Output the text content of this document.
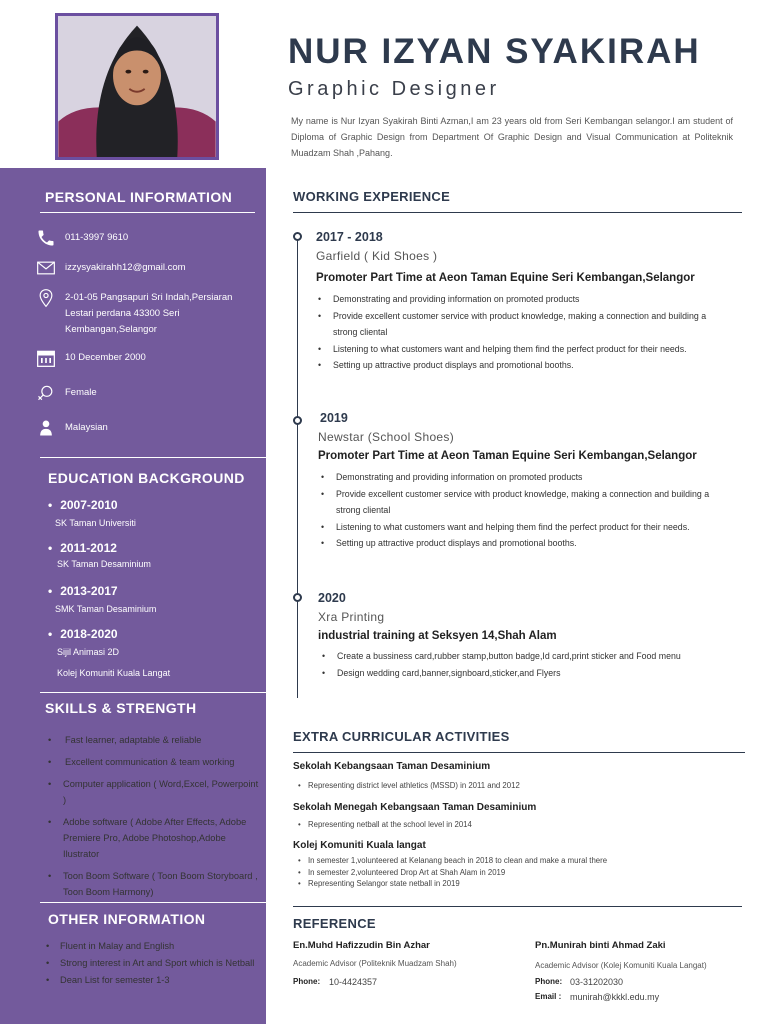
NUR IZYAN SYAKIRAH
Graphic Designer

My name is Nur Izyan Syakirah Binti Azman,I am 23 years old from Seri Kembangan selangor.I am student of Diploma of Graphic Design from Department Of Graphic Design and Visual Communication at Politeknik Muadzam Shah ,Pahang.

PERSONAL INFORMATION
011-3997 9610
izzysyakirahh12@gmail.com
2-01-05 Pangsapuri Sri Indah,Persiaran Lestari perdana 43300 Seri Kembangan,Selangor
10 December 2000
Female
Malaysian
EDUCATION BACKGROUND
• 2007-2010
SK Taman Universiti
• 2011-2012
SK Taman Desaminium
• 2013-2017
SMK Taman Desaminium
• 2018-2020
Sijil Animasi 2D
Kolej Komuniti Kuala Langat
SKILLS & STRENGTH
• Fast learner, adaptable & reliable
• Excellent communication & team working
• Computer application ( Word,Excel, Powerpoint )
• Adobe software ( Adobe After Effects, Adobe Premiere Pro, Adobe Photoshop,Adobe Ilustrator
• Toon Boom Software ( Toon Boom Storyboard , Toon Boom Harmony)
OTHER INFORMATION
• Fluent in Malay and English
• Strong interest in Art and Sport which is Netball
• Dean List for semester 1-3
WORKING EXPERIENCE
2017 - 2018
Garfield ( Kid Shoes )
Promoter Part Time at Aeon Taman Equine Seri Kembangan,Selangor
• Demonstrating and providing information on promoted products
• Provide excellent customer service with product knowledge, making a connection and building a strong cliental
• Listening to what customers want and helping them find the perfect product for their needs.
• Setting up attractive product displays and promotional booths.
2019
Newstar (School Shoes)
Promoter Part Time at Aeon Taman Equine Seri Kembangan,Selangor
• Demonstrating and providing information on promoted products
• Provide excellent customer service with product knowledge, making a connection and building a strong cliental
• Listening to what customers want and helping them find the perfect product for their needs.
• Setting up attractive product displays and promotional booths.
2020
Xra Printing
industrial training at Seksyen 14,Shah Alam
• Create a bussiness card,rubber stamp,button badge,Id card,print sticker and Food menu
• Design wedding card,banner,signboard,sticker,and Flyers
EXTRA CURRICULAR ACTIVITIES
Sekolah Kebangsaan Taman Desaminium
• Representing district level athletics (MSSD) in 2011 and 2012
Sekolah Menegah Kebangsaan Taman Desaminium
• Representing netball at the school level in 2014
Kolej Komuniti Kuala langat
• In semester 1,volunteered at Kelanang beach in 2018 to clean and make a mural there
• In semester 2,volunteered Drop Art at Shah Alam in 2019
• Representing Selangor state netball in 2019
REFERENCE
En.Muhd Hafizzudin Bin Azhar
Academic Advisor (Politeknik Muadzam Shah)
Phone: 10-4424357
Pn.Munirah binti Ahmad Zaki
Academic Advisor (Kolej Komuniti Kuala Langat)
Phone: 03-31202030
Email : munirah@kkkl.edu.my
